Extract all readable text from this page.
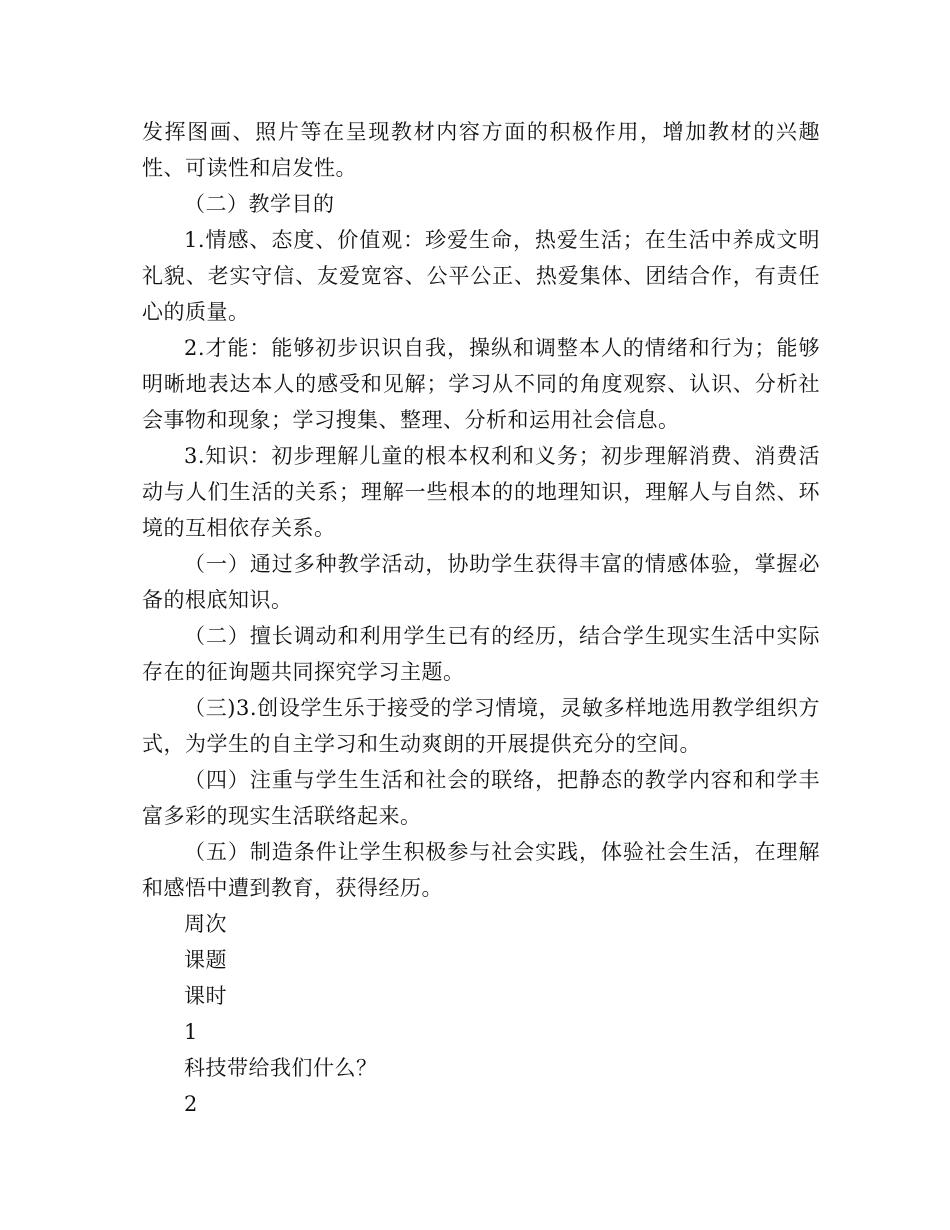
发挥图画、照片等在呈现教材内容方面的积极作用，增加教材的兴趣性、可读性和启发性。

（二）教学目的

1.情感、态度、价值观：珍爱生命，热爱生活；在生活中养成文明礼貌、老实守信、友爱宽容、公平公正、热爱集体、团结合作，有责任心的质量。

2.才能：能够初步识识自我，操纵和调整本人的情绪和行为；能够明晰地表达本人的感受和见解；学习从不同的角度观察、认识、分析社会事物和现象；学习搜集、整理、分析和运用社会信息。

3.知识：初步理解儿童的根本权利和义务；初步理解消费、消费活动与人们生活的关系；理解一些根本的的地理知识，理解人与自然、环境的互相依存关系。

（一）通过多种教学活动，协助学生获得丰富的情感体验，掌握必备的根底知识。

（二）擅长调动和利用学生已有的经历，结合学生现实生活中实际存在的征询题共同探究学习主题。

（三)3.创设学生乐于接受的学习情境，灵敏多样地选用教学组织方式，为学生的自主学习和生动爽朗的开展提供充分的空间。

（四）注重与学生生活和社会的联络，把静态的教学内容和和学丰富多彩的现实生活联络起来。

（五）制造条件让学生积极参与社会实践，体验社会生活，在理解和感悟中遭到教育，获得经历。

周次

课题

课时

1

科技带给我们什么？

2
